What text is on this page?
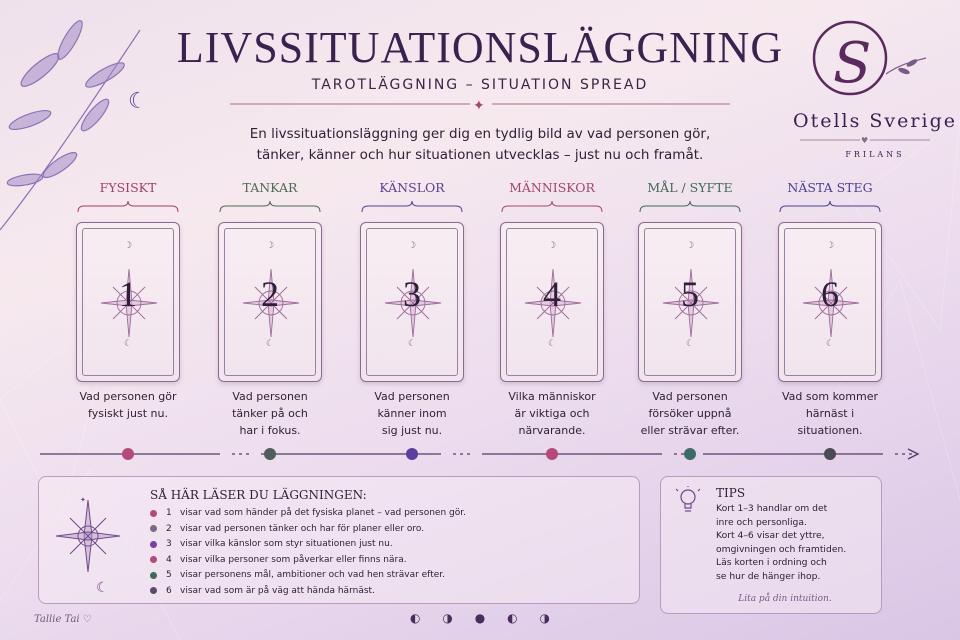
☾	✦
S
♥
LIVSSITUATIONSLÄGGNING
TAROTLÄGGNING – SITUATION SPREAD
En livssituationsläggning ger dig en tydlig bild av vad personen gör,
tänker, känner och hur situationen utvecklas – just nu och framåt.
Otells Sverige
FRILANS
FYSISKT
☽
1
☾
Vad personen gör
fysiskt just nu.
TANKAR
☽
2
☾
Vad personen
tänker på och
har i fokus.
KÄNSLOR
☽
3
☾
Vad personen
känner inom
sig just nu.
MÄNNISKOR
☽
4
☾
Vilka människor
är viktiga och
närvarande.
MÅL / SYFTE
☽
5
☾
Vad personen
försöker uppnå
eller strävar efter.
NÄSTA STEG
☽
6
☾
Vad som kommer
härnäst i
situationen.
☾
✦	SÅ HÄR LÄSER DU LÄGGNINGEN:
1 visar vad som händer på det fysiska planet – vad personen gör.
2 visar vad personen tänker och har för planer eller oro.
3 visar vilka känslor som styr situationen just nu.
4 visar vilka personer som påverkar eller finns nära.
5 visar personens mål, ambitioner och vad hen strävar efter.
6 visar vad som är på väg att hända härnäst.
TIPS
Kort 1–3 handlar om det
inre och personliga.
Kort 4–6 visar det yttre,
omgivningen och framtiden.
Läs korten i ordning och
se hur de hänger ihop.
Lita på din intuition.
Tallie Tai ♡	◐ ◑ ● ◐ ◑
